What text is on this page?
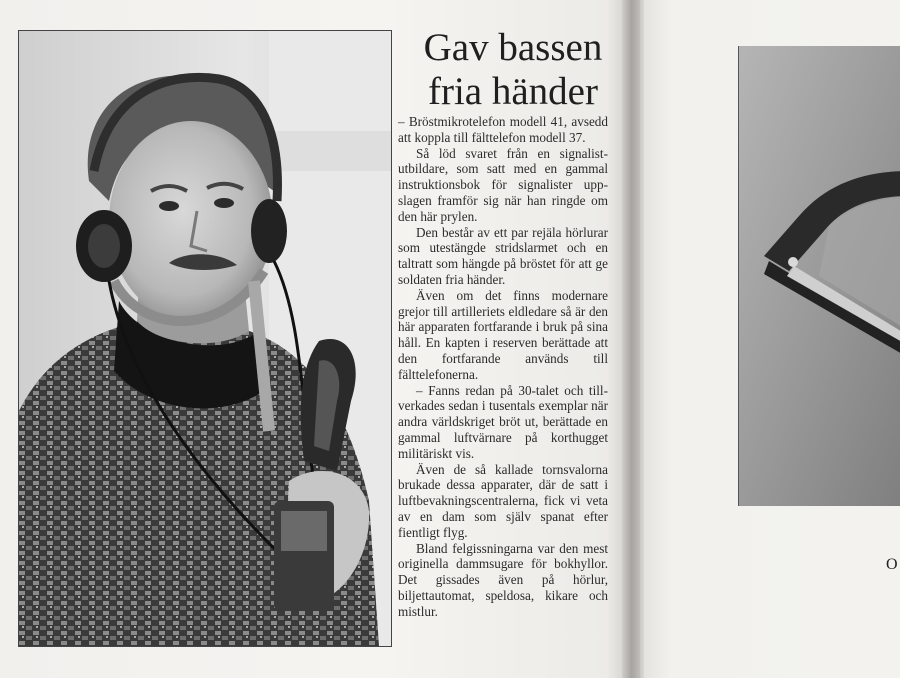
Gav bassen
fria händer

– Bröstmikrotelefon modell 41, avsedd att koppla till fälttelefon modell 37.

Så löd svaret från en signalistutbildare, som satt med en gammal instruktionsbok för signalister uppslagen framför sig när han ringde om den här prylen.

Den består av ett par rejäla hörlurar som utestängde stridslarmet och en taltratt som hängde på bröstet för att ge soldaten fria händer.

Även om det finns modernare grejor till artilleriets eldledare så är den här apparaten fortfarande i bruk på sina håll. En kapten i reserven berättade att den fortfarande används till fälttelefonerna.

– Fanns redan på 30-talet och tillverkades sedan i tusentals exemplar när andra världskriget bröt ut, berättade en gammal luftvärnare på korthugget militäriskt vis.

Även de så kallade tornsvalorna brukade dessa apparater, där de satt i luftbevakningscentralerna, fick vi veta av en dam som själv spanat efter fientligt flyg.

Bland felgissningarna var den mest originella dammsugare för bokhyllor. Det gissades även på hörlur, biljettautomat, speldosa, kikare och mistlur.

O
